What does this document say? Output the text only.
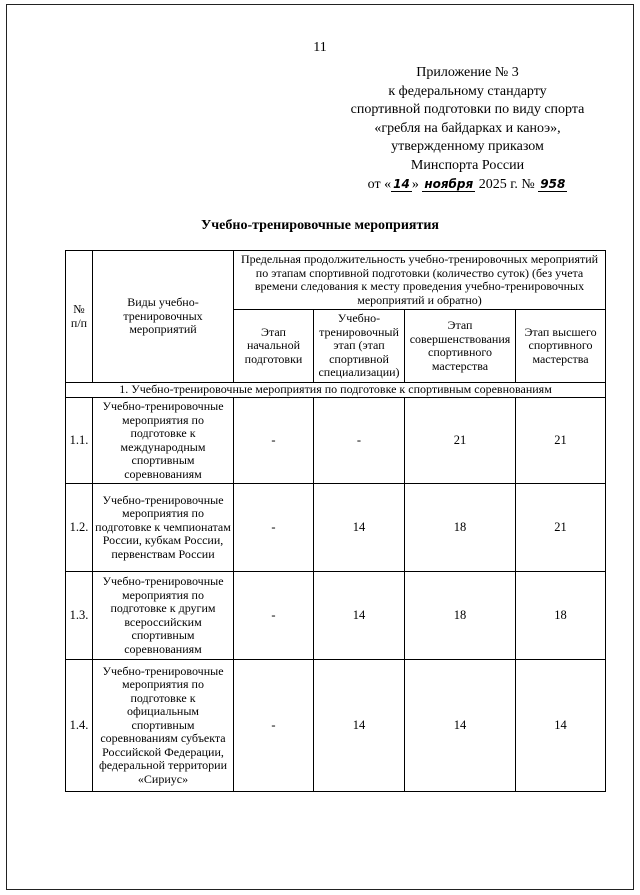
11
Приложение № 3
к федеральному стандарту
спортивной подготовки по виду спорта
«гребля на байдарках и каноэ»,
утвержденному приказом
Минспорта России
от « 14 » ноября 2025 г. № 958
Учебно-тренировочные мероприятия
№ п/п	Виды учебно-тренировочных мероприятий	Предельная продолжительность учебно-тренировочных мероприятий по этапам спортивной подготовки (количество суток) (без учета времени следования к месту проведения учебно-тренировочных мероприятий и обратно)			
		Этап начальной подготовки	Учебно-тренировочный этап (этап спортивной специализации)	Этап совершенствования спортивного мастерства	Этап высшего спортивного мастерства
1. Учебно-тренировочные мероприятия по подготовке к спортивным соревнованиям					
1.1.	Учебно-тренировочные мероприятия по подготовке к международным спортивным соревнованиям	-	-	21	21
1.2.	Учебно-тренировочные мероприятия по подготовке к чемпионатам России, кубкам России, первенствам России	-	14	18	21
1.3.	Учебно-тренировочные мероприятия по подготовке к другим всероссийским спортивным соревнованиям	-	14	18	18
1.4.	Учебно-тренировочные мероприятия по подготовке к официальным спортивным соревнованиям субъекта Российской Федерации, федеральной территории «Сириус»	-	14	14	14
